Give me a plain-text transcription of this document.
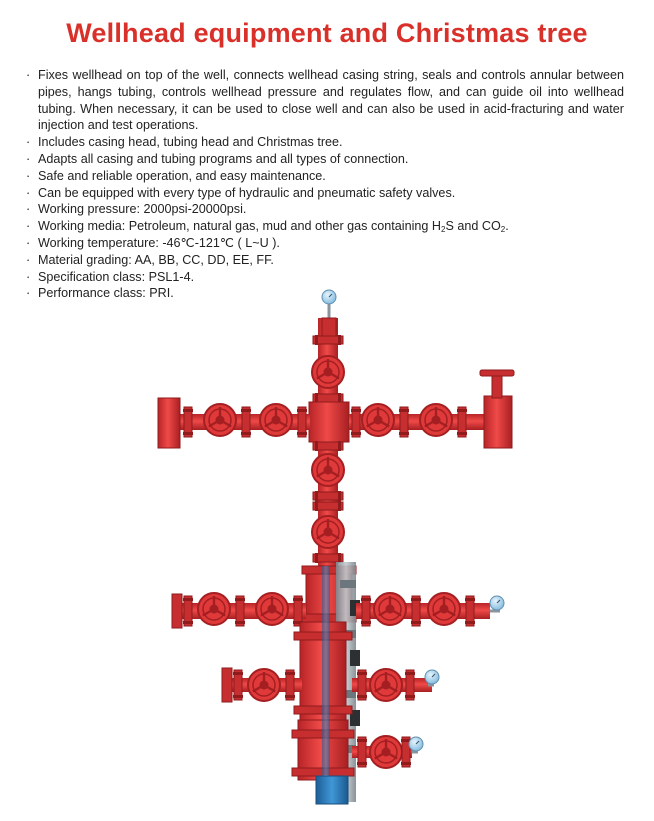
Wellhead equipment and Christmas tree
· Fixes wellhead on top of the well, connects wellhead casing string, seals and controls annular between pipes, hangs tubing, controls wellhead pressure and regulates flow, and can guide oil into wellhead tubing. When necessary, it can be used to close well and can also be used in acid-fracturing and water injection and test operations.
· Includes casing head, tubing head and Christmas tree.
· Adapts all casing and tubing programs and all types of connection.
· Safe and reliable operation, and easy maintenance.
· Can be equipped with every type of hydraulic and pneumatic safety valves.
· Working pressure: 2000psi-20000psi.
· Working media: Petroleum, natural gas, mud and other gas containing $H_2S$ and $CO_2$.
· Working temperature: -46℃-121℃ ( L~U ).
· Material grading: AA, BB, CC, DD, EE, FF.
· Specification class: PSL1-4.
· Performance class: PRI.
